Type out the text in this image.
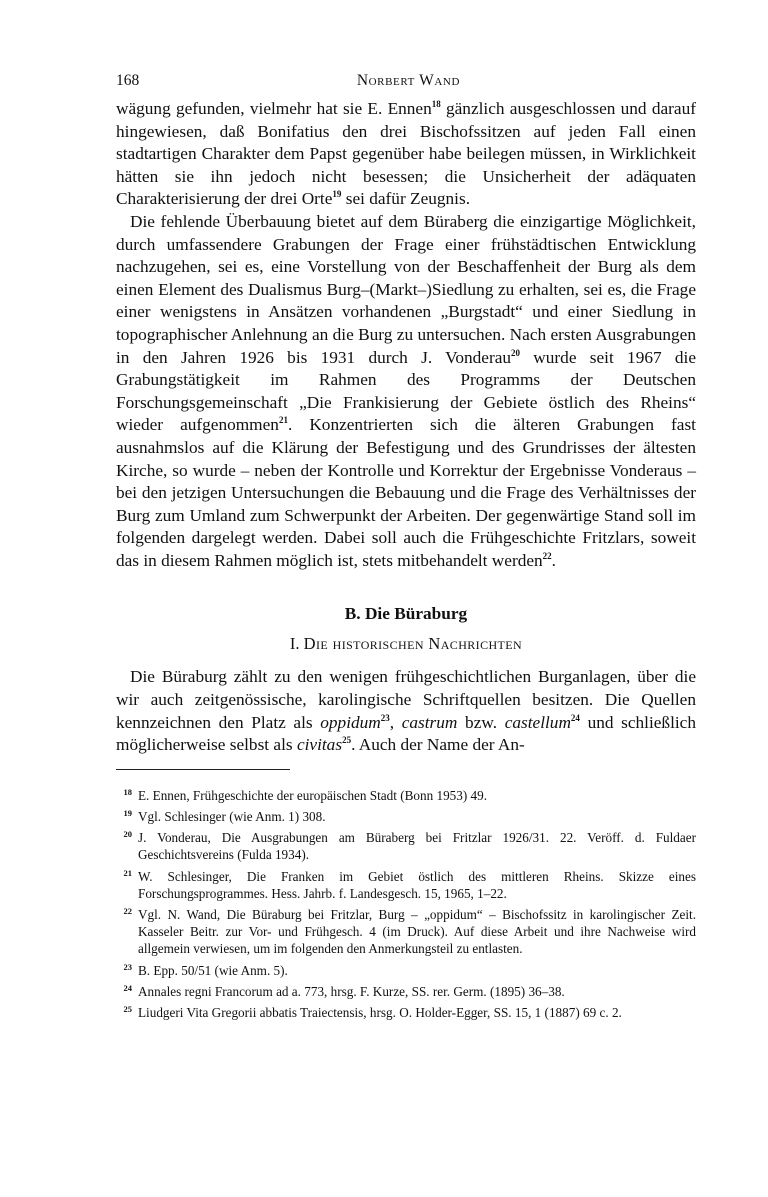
168	Norbert Wand

wägung gefunden, vielmehr hat sie E. Ennen$^{18}$ gänzlich ausgeschlossen und darauf hingewiesen, daß Bonifatius den drei Bischofssitzen auf jeden Fall einen stadtartigen Charakter dem Papst gegenüber habe beilegen müssen, in Wirklichkeit hätten sie ihn jedoch nicht besessen; die Unsicherheit der adäquaten Charakterisierung der drei Orte$^{19}$ sei dafür Zeugnis.

Die fehlende Überbauung bietet auf dem Büraberg die einzigartige Möglichkeit, durch umfassendere Grabungen der Frage einer frühstädtischen Entwicklung nachzugehen, sei es, eine Vorstellung von der Beschaffenheit der Burg als dem einen Element des Dualismus Burg–(Markt–)Siedlung zu erhalten, sei es, die Frage einer wenigstens in Ansätzen vorhandenen „Burgstadt“ und einer Siedlung in topographischer Anlehnung an die Burg zu untersuchen. Nach ersten Ausgrabungen in den Jahren 1926 bis 1931 durch J. Vonderau$^{20}$ wurde seit 1967 die Grabungstätigkeit im Rahmen des Programms der Deutschen Forschungsgemeinschaft „Die Frankisierung der Gebiete östlich des Rheins“ wieder aufgenommen$^{21}$. Konzentrierten sich die älteren Grabungen fast ausnahmslos auf die Klärung der Befestigung und des Grundrisses der ältesten Kirche, so wurde – neben der Kontrolle und Korrektur der Ergebnisse Vonderaus – bei den jetzigen Untersuchungen die Bebauung und die Frage des Verhältnisses der Burg zum Umland zum Schwerpunkt der Arbeiten. Der gegenwärtige Stand soll im folgenden dargelegt werden. Dabei soll auch die Frühgeschichte Fritzlars, soweit das in diesem Rahmen möglich ist, stets mitbehandelt werden$^{22}$.

B. Die Büraburg
I. Die historischen Nachrichten

Die Büraburg zählt zu den wenigen frühgeschichtlichen Burganlagen, über die wir auch zeitgenössische, karolingische Schriftquellen besitzen. Die Quellen kennzeichnen den Platz als oppidum$^{23}$, castrum bzw. castellum$^{24}$ und schließlich möglicherweise selbst als civitas$^{25}$. Auch der Name der An-

18 E. Ennen, Frühgeschichte der europäischen Stadt (Bonn 1953) 49.
19 Vgl. Schlesinger (wie Anm. 1) 308.
20 J. Vonderau, Die Ausgrabungen am Büraberg bei Fritzlar 1926/31. 22. Veröff. d. Fuldaer Geschichtsvereins (Fulda 1934).
21 W. Schlesinger, Die Franken im Gebiet östlich des mittleren Rheins. Skizze eines Forschungsprogrammes. Hess. Jahrb. f. Landesgesch. 15, 1965, 1–22.
22 Vgl. N. Wand, Die Büraburg bei Fritzlar, Burg – „oppidum“ – Bischofssitz in karolingischer Zeit. Kasseler Beitr. zur Vor- und Frühgesch. 4 (im Druck). Auf diese Arbeit und ihre Nachweise wird allgemein verwiesen, um im folgenden den Anmerkungsteil zu entlasten.
23 B. Epp. 50/51 (wie Anm. 5).
24 Annales regni Francorum ad a. 773, hrsg. F. Kurze, SS. rer. Germ. (1895) 36–38.
25 Liudgeri Vita Gregorii abbatis Traiectensis, hrsg. O. Holder-Egger, SS. 15, 1 (1887) 69 c. 2.
